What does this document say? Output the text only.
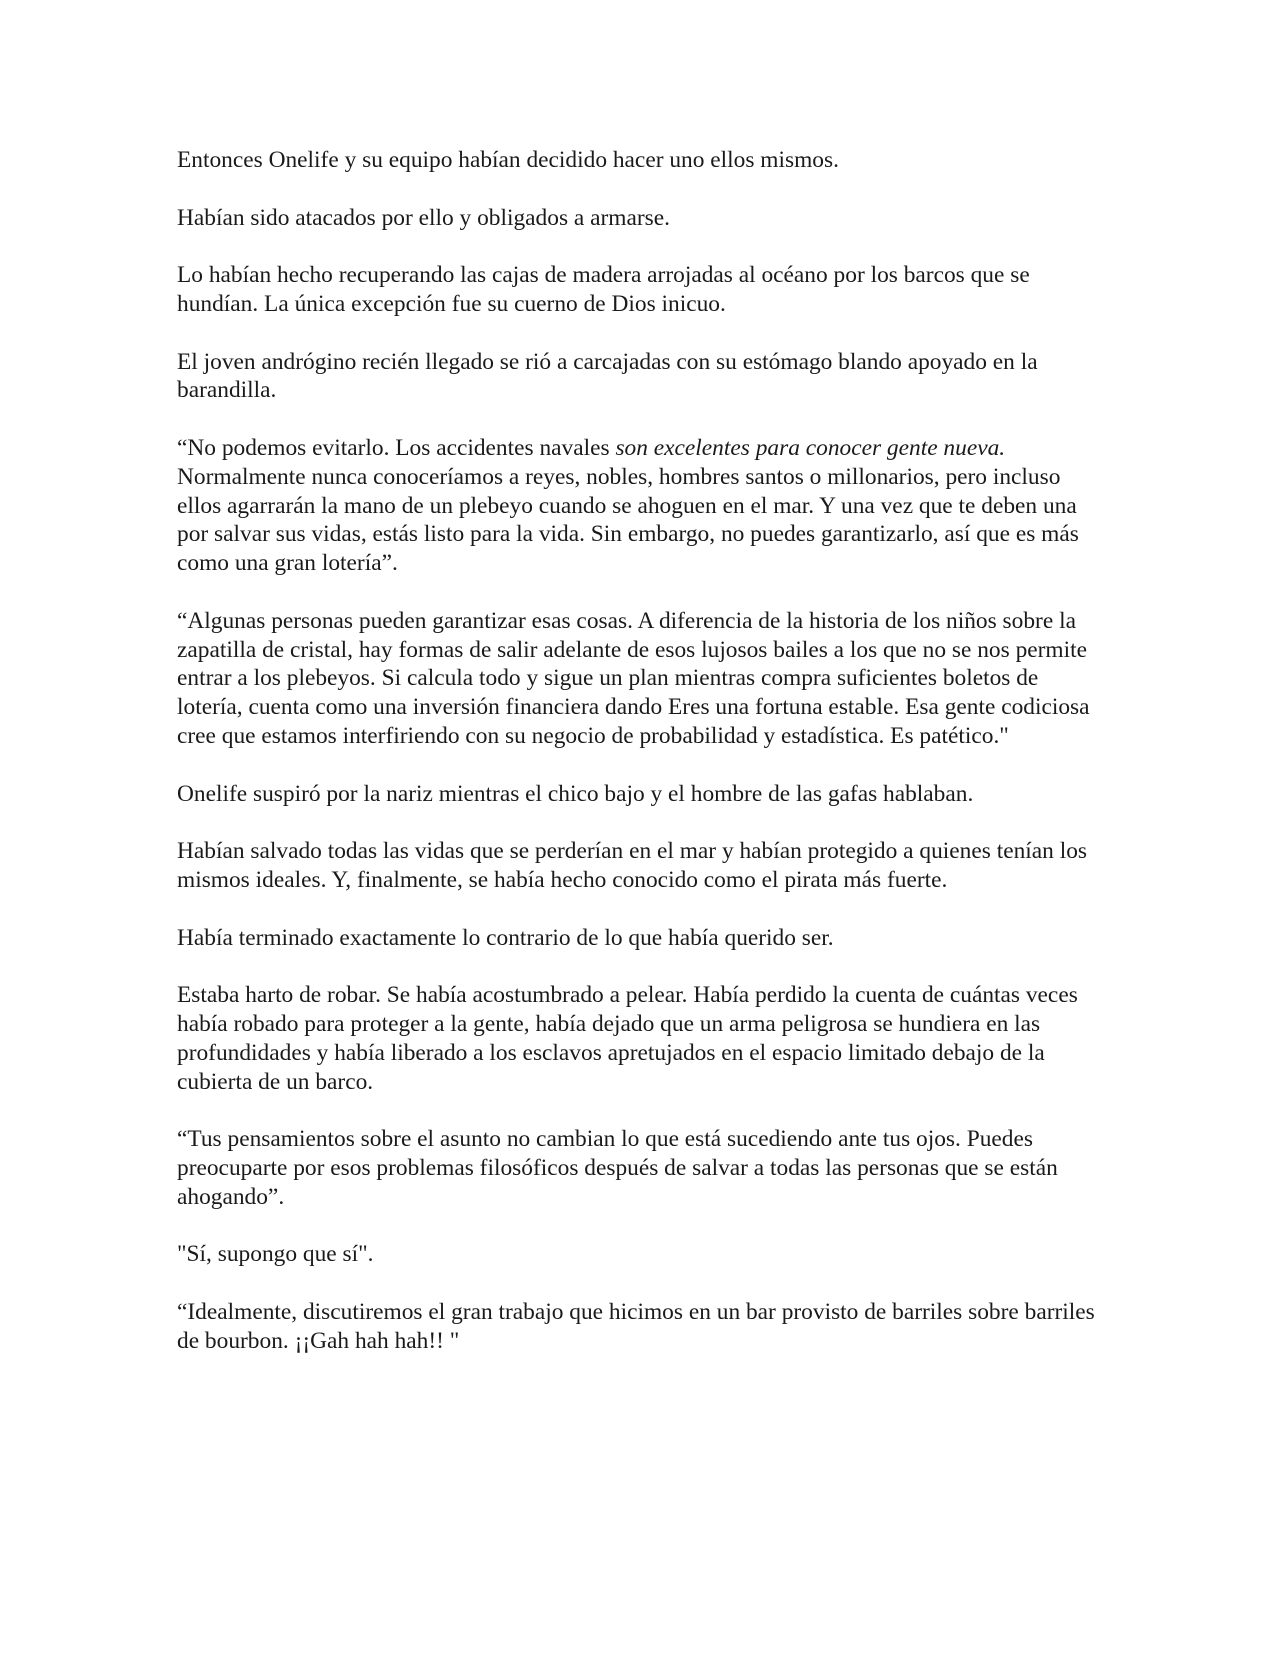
Entonces Onelife y su equipo habían decidido hacer uno ellos mismos.

Habían sido atacados por ello y obligados a armarse.

Lo habían hecho recuperando las cajas de madera arrojadas al océano por los barcos que se hundían. La única excepción fue su cuerno de Dios inicuo.

El joven andrógino recién llegado se rió a carcajadas con su estómago blando apoyado en la barandilla.

“No podemos evitarlo. Los accidentes navales son excelentes para conocer gente nueva. Normalmente nunca conoceríamos a reyes, nobles, hombres santos o millonarios, pero incluso ellos agarrarán la mano de un plebeyo cuando se ahoguen en el mar. Y una vez que te deben una por salvar sus vidas, estás listo para la vida. Sin embargo, no puedes garantizarlo, así que es más como una gran lotería”.

“Algunas personas pueden garantizar esas cosas. A diferencia de la historia de los niños sobre la zapatilla de cristal, hay formas de salir adelante de esos lujosos bailes a los que no se nos permite entrar a los plebeyos. Si calcula todo y sigue un plan mientras compra suficientes boletos de lotería, cuenta como una inversión financiera dando Eres una fortuna estable. Esa gente codiciosa cree que estamos interfiriendo con su negocio de probabilidad y estadística. Es patético."

Onelife suspiró por la nariz mientras el chico bajo y el hombre de las gafas hablaban.

Habían salvado todas las vidas que se perderían en el mar y habían protegido a quienes tenían los mismos ideales. Y, finalmente, se había hecho conocido como el pirata más fuerte.

Había terminado exactamente lo contrario de lo que había querido ser.

Estaba harto de robar. Se había acostumbrado a pelear. Había perdido la cuenta de cuántas veces había robado para proteger a la gente, había dejado que un arma peligrosa se hundiera en las profundidades y había liberado a los esclavos apretujados en el espacio limitado debajo de la cubierta de un barco.

“Tus pensamientos sobre el asunto no cambian lo que está sucediendo ante tus ojos. Puedes preocuparte por esos problemas filosóficos después de salvar a todas las personas que se están ahogando”.

"Sí, supongo que sí".

“Idealmente, discutiremos el gran trabajo que hicimos en un bar provisto de barriles sobre barriles de bourbon. ¡¡Gah hah hah!! "
